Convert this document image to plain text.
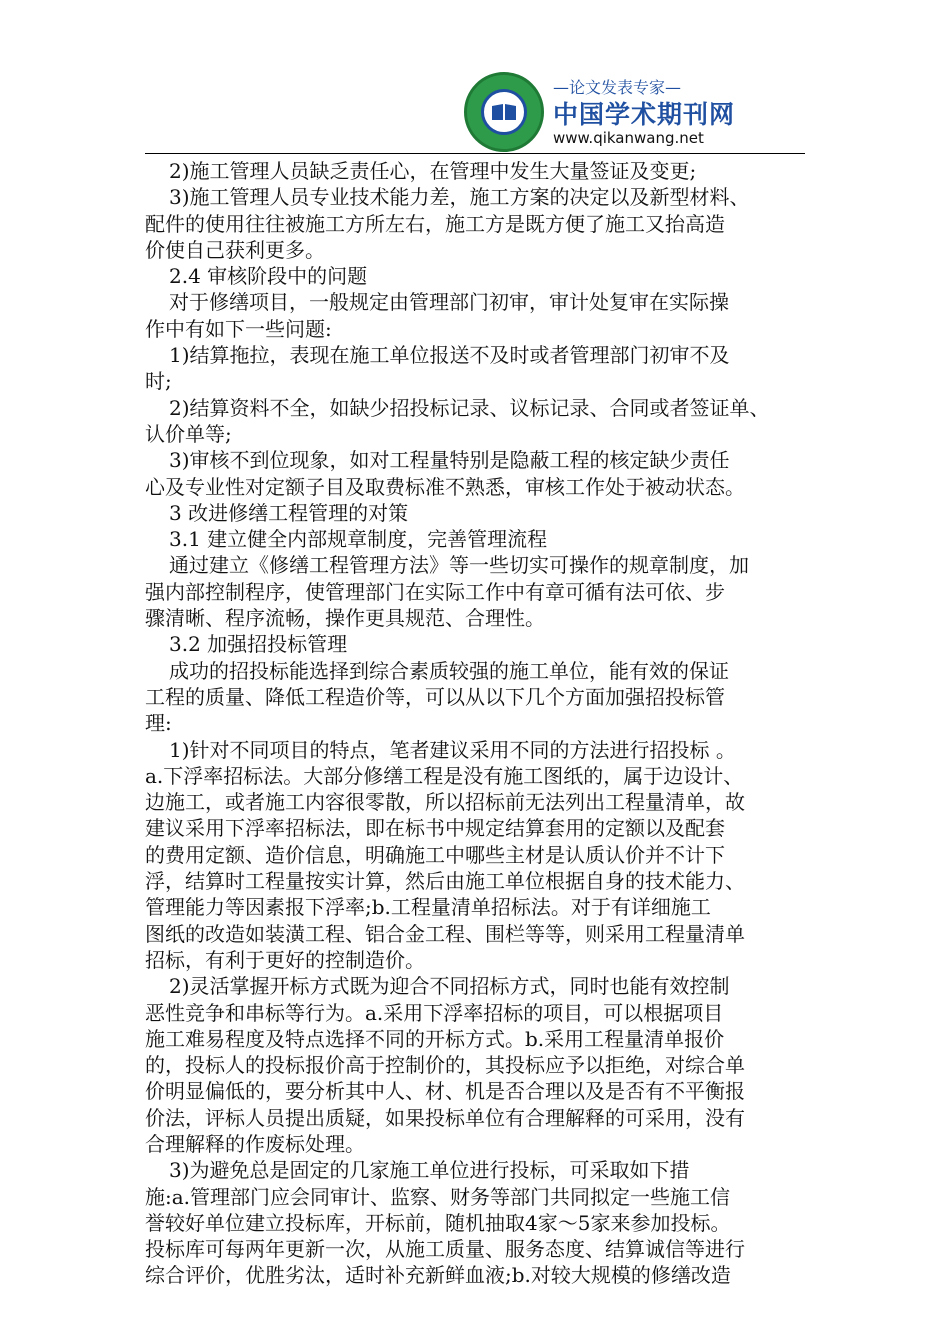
—论文发表专家—
中国学术期刊网
www.qikanwang.net

2)施工管理人员缺乏责任心，在管理中发生大量签证及变更;

3)施工管理人员专业技术能力差，施工方案的决定以及新型材料、

配件的使用往往被施工方所左右，施工方是既方便了施工又抬高造

价使自己获利更多。

2.4 审核阶段中的问题

对于修缮项目，一般规定由管理部门初审，审计处复审在实际操

作中有如下一些问题:

1)结算拖拉，表现在施工单位报送不及时或者管理部门初审不及

时;

2)结算资料不全，如缺少招投标记录、议标记录、合同或者签证单、

认价单等;

3)审核不到位现象，如对工程量特别是隐蔽工程的核定缺少责任

心及专业性对定额子目及取费标准不熟悉，审核工作处于被动状态。

3 改进修缮工程管理的对策

3.1 建立健全内部规章制度，完善管理流程

通过建立《修缮工程管理方法》等一些切实可操作的规章制度，加

强内部控制程序，使管理部门在实际工作中有章可循有法可依、步

骤清晰、程序流畅，操作更具规范、合理性。

3.2 加强招投标管理

成功的招投标能选择到综合素质较强的施工单位，能有效的保证

工程的质量、降低工程造价等，可以从以下几个方面加强招投标管

理:

1)针对不同项目的特点，笔者建议采用不同的方法进行招投标 。

a.下浮率招标法。大部分修缮工程是没有施工图纸的，属于边设计、

边施工，或者施工内容很零散，所以招标前无法列出工程量清单，故

建议采用下浮率招标法，即在标书中规定结算套用的定额以及配套

的费用定额、造价信息，明确施工中哪些主材是认质认价并不计下

浮，结算时工程量按实计算，然后由施工单位根据自身的技术能力、

管理能力等因素报下浮率;b.工程量清单招标法。对于有详细施工

图纸的改造如装潢工程、铝合金工程、围栏等等，则采用工程量清单

招标，有利于更好的控制造价。

2)灵活掌握开标方式既为迎合不同招标方式，同时也能有效控制

恶性竞争和串标等行为。a.采用下浮率招标的项目，可以根据项目

施工难易程度及特点选择不同的开标方式。b.采用工程量清单报价

的，投标人的投标报价高于控制价的，其投标应予以拒绝，对综合单

价明显偏低的，要分析其中人、材、机是否合理以及是否有不平衡报

价法，评标人员提出质疑，如果投标单位有合理解释的可采用，没有

合理解释的作废标处理。

3)为避免总是固定的几家施工单位进行投标，可采取如下措

施:a.管理部门应会同审计、监察、财务等部门共同拟定一些施工信

誉较好单位建立投标库，开标前，随机抽取4家～5家来参加投标。

投标库可每两年更新一次，从施工质量、服务态度、结算诚信等进行

综合评价，优胜劣汰，适时补充新鲜血液;b.对较大规模的修缮改造
